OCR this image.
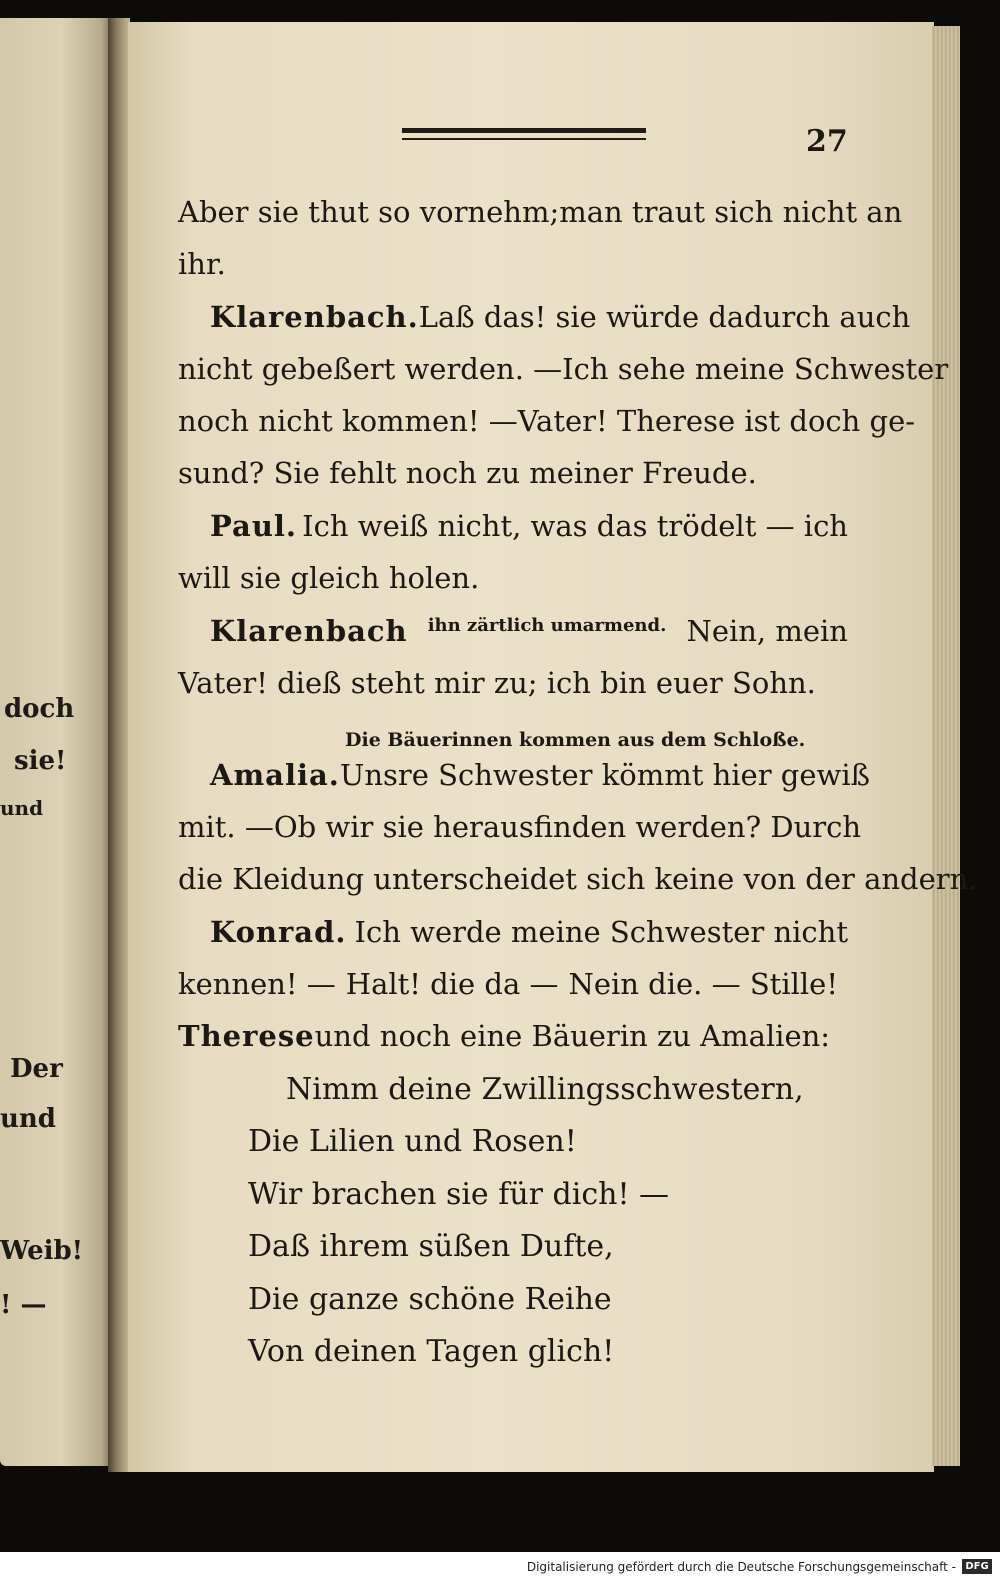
doch
sie!
und
Der
und
Weib!
! —
27
Aber sie thut so vornehm; man traut sich nicht an
ihr.
Klarenbach. Laß das! sie würde dadurch auch
nicht gebeßert werden. — Ich sehe meine Schwester
noch nicht kommen! — Vater! Therese ist doch ge-
sund? Sie fehlt noch zu meiner Freude.
Paul. Ich weiß nicht, was das trödelt — ich
will sie gleich holen.
Klarenbach ihn zärtlich umarmend. Nein, mein
Vater! dieß steht mir zu; ich bin euer Sohn.
Die Bäuerinnen kommen aus dem Schloße.
Amalia. Unsre Schwester kömmt hier gewiß
mit. — Ob wir sie herausfinden werden? Durch
die Kleidung unterscheidet sich keine von der andern.
Konrad. Ich werde meine Schwester nicht
kennen! — Halt! die da — Nein die. — Stille!
Thereseund noch eine Bäuerin zu Amalien:
Nimm deine Zwillingsschwestern,
Die Lilien und Rosen!
Wir brachen sie für dich! —
Daß ihrem süßen Dufte,
Die ganze schöne Reihe
Von deinen Tagen glich!
Digitalisierung gefördert durch die Deutsche Forschungsgemeinschaft - DFG
